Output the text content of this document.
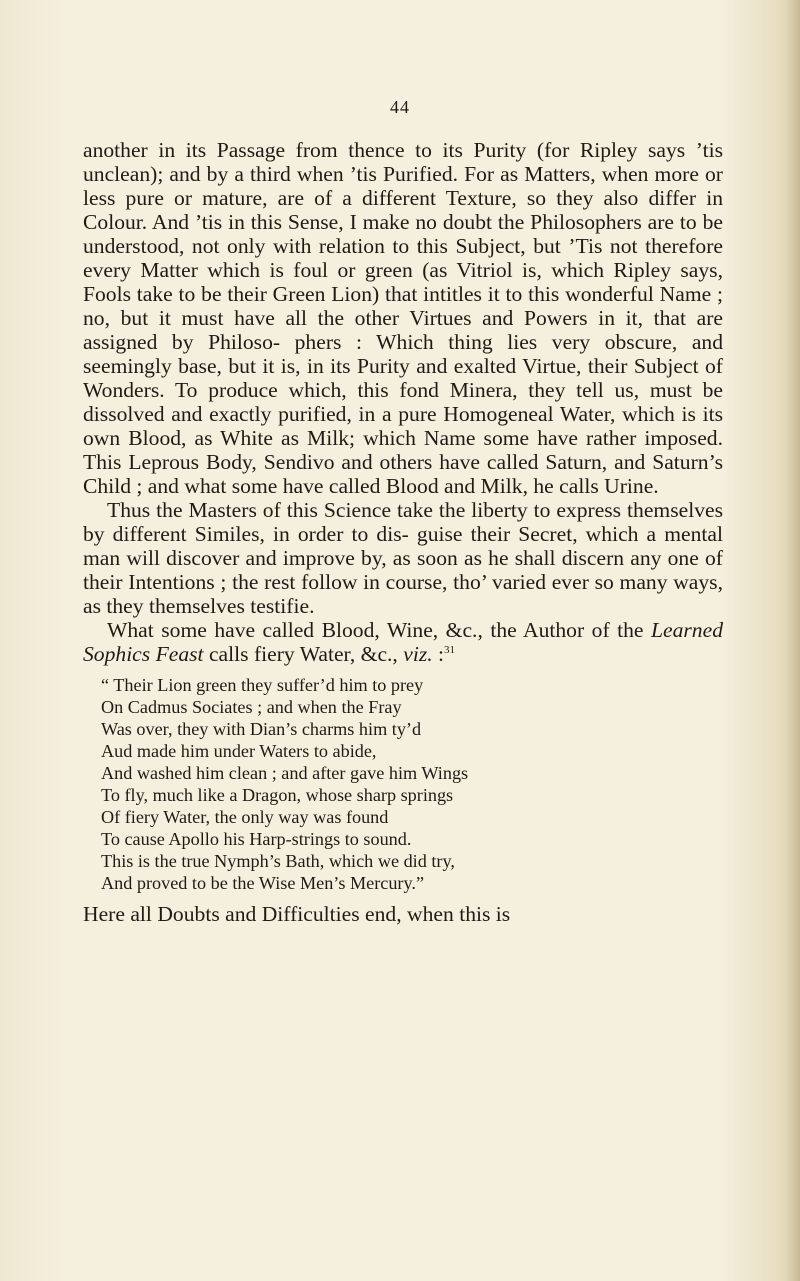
44

another in its Passage from thence to its Purity (for Ripley says ’tis unclean); and by a third when ’tis Purified. For as Matters, when more or less pure or mature, are of a different Texture, so they also differ in Colour. And ’tis in this Sense, I make no doubt the Philosophers are to be understood, not only with relation to this Subject, but ’Tis not therefore every Matter which is foul or green (as Vitriol is, which Ripley says, Fools take to be their Green Lion) that intitles it to this wonderful Name ; no, but it must have all the other Virtues and Powers in it, that are assigned by Philoso- phers : Which thing lies very obscure, and seemingly base, but it is, in its Purity and exalted Virtue, their Subject of Wonders. To produce which, this fond Minera, they tell us, must be dissolved and exactly purified, in a pure Homogeneal Water, which is its own Blood, as White as Milk; which Name some have rather imposed. This Leprous Body, Sendivo and others have called Saturn, and Saturn’s Child ; and what some have called Blood and Milk, he calls Urine.

Thus the Masters of this Science take the liberty to express themselves by different Similes, in order to dis- guise their Secret, which a mental man will discover and improve by, as soon as he shall discern any one of their Intentions ; the rest follow in course, tho’ varied ever so many ways, as they themselves testifie.

What some have called Blood, Wine, &c., the Author of the Learned Sophics Feast calls fiery Water, &c., viz. :$^{31}$

“ Their Lion green they suffer’d him to prey
On Cadmus Sociates ; and when the Fray
Was over, they with Dian’s charms him ty’d
Aud made him under Waters to abide,
And washed him clean ; and after gave him Wings
To fly, much like a Dragon, whose sharp springs
Of fiery Water, the only way was found
To cause Apollo his Harp-strings to sound.
This is the true Nymph’s Bath, which we did try,
And proved to be the Wise Men’s Mercury.”

Here all Doubts and Difficulties end, when this is
